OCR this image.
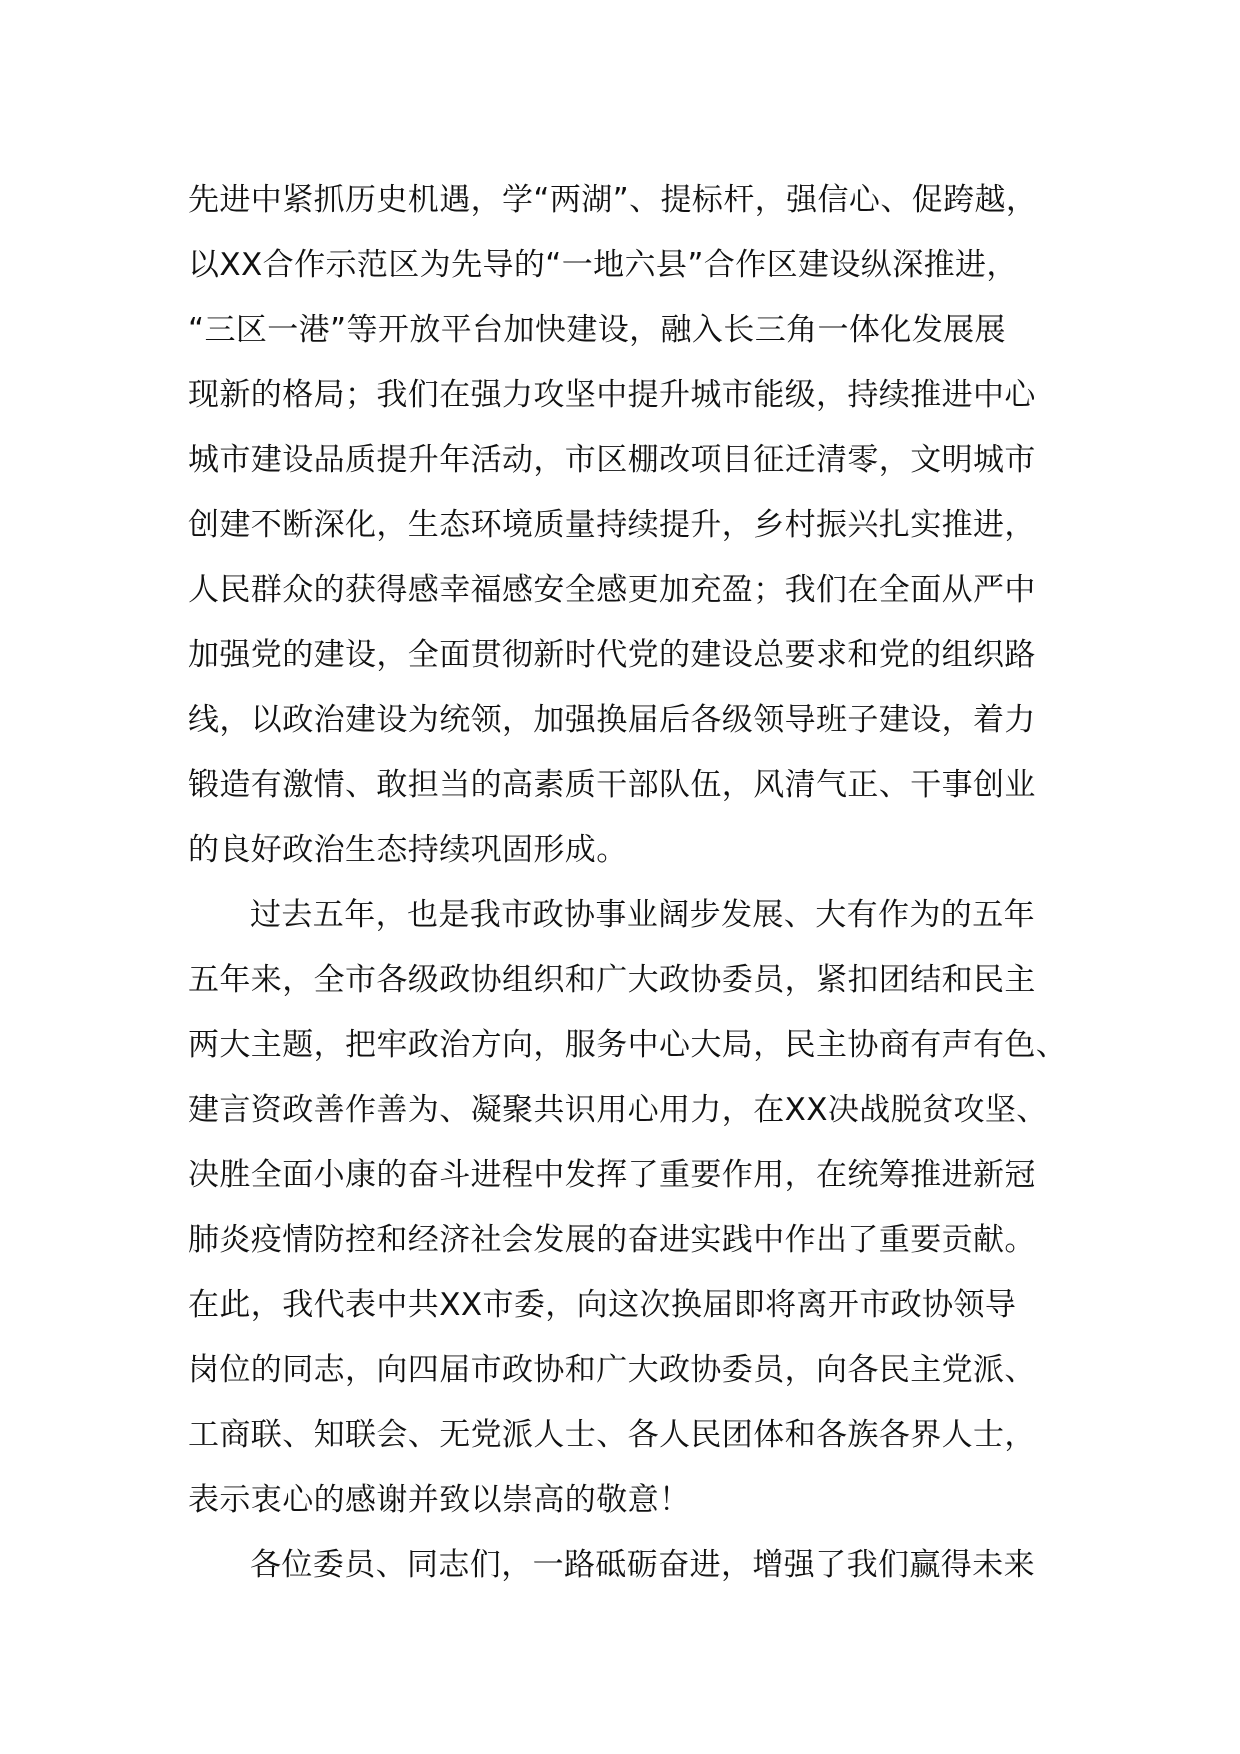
先进中紧抓历史机遇，学“两湖”、提标杆，强信心、促跨越，
以XX合作示范区为先导的“一地六县”合作区建设纵深推进，
“三区一港”等开放平台加快建设，融入长三角一体化发展展
现新的格局；我们在强力攻坚中提升城市能级，持续推进中心
城市建设品质提升年活动，市区棚改项目征迁清零，文明城市
创建不断深化，生态环境质量持续提升，乡村振兴扎实推进，
人民群众的获得感幸福感安全感更加充盈；我们在全面从严中
加强党的建设，全面贯彻新时代党的建设总要求和党的组织路
线，以政治建设为统领，加强换届后各级领导班子建设，着力
锻造有激情、敢担当的高素质干部队伍，风清气正、干事创业
的良好政治生态持续巩固形成。
过去五年，也是我市政协事业阔步发展、大有作为的五年
五年来，全市各级政协组织和广大政协委员，紧扣团结和民主
两大主题，把牢政治方向，服务中心大局，民主协商有声有色、
建言资政善作善为、凝聚共识用心用力，在XX决战脱贫攻坚、
决胜全面小康的奋斗进程中发挥了重要作用，在统筹推进新冠
肺炎疫情防控和经济社会发展的奋进实践中作出了重要贡献。
在此，我代表中共XX市委，向这次换届即将离开市政协领导
岗位的同志，向四届市政协和广大政协委员，向各民主党派、
工商联、知联会、无党派人士、各人民团体和各族各界人士，
表示衷心的感谢并致以崇高的敬意！
各位委员、同志们，一路砥砺奋进，增强了我们赢得未来
